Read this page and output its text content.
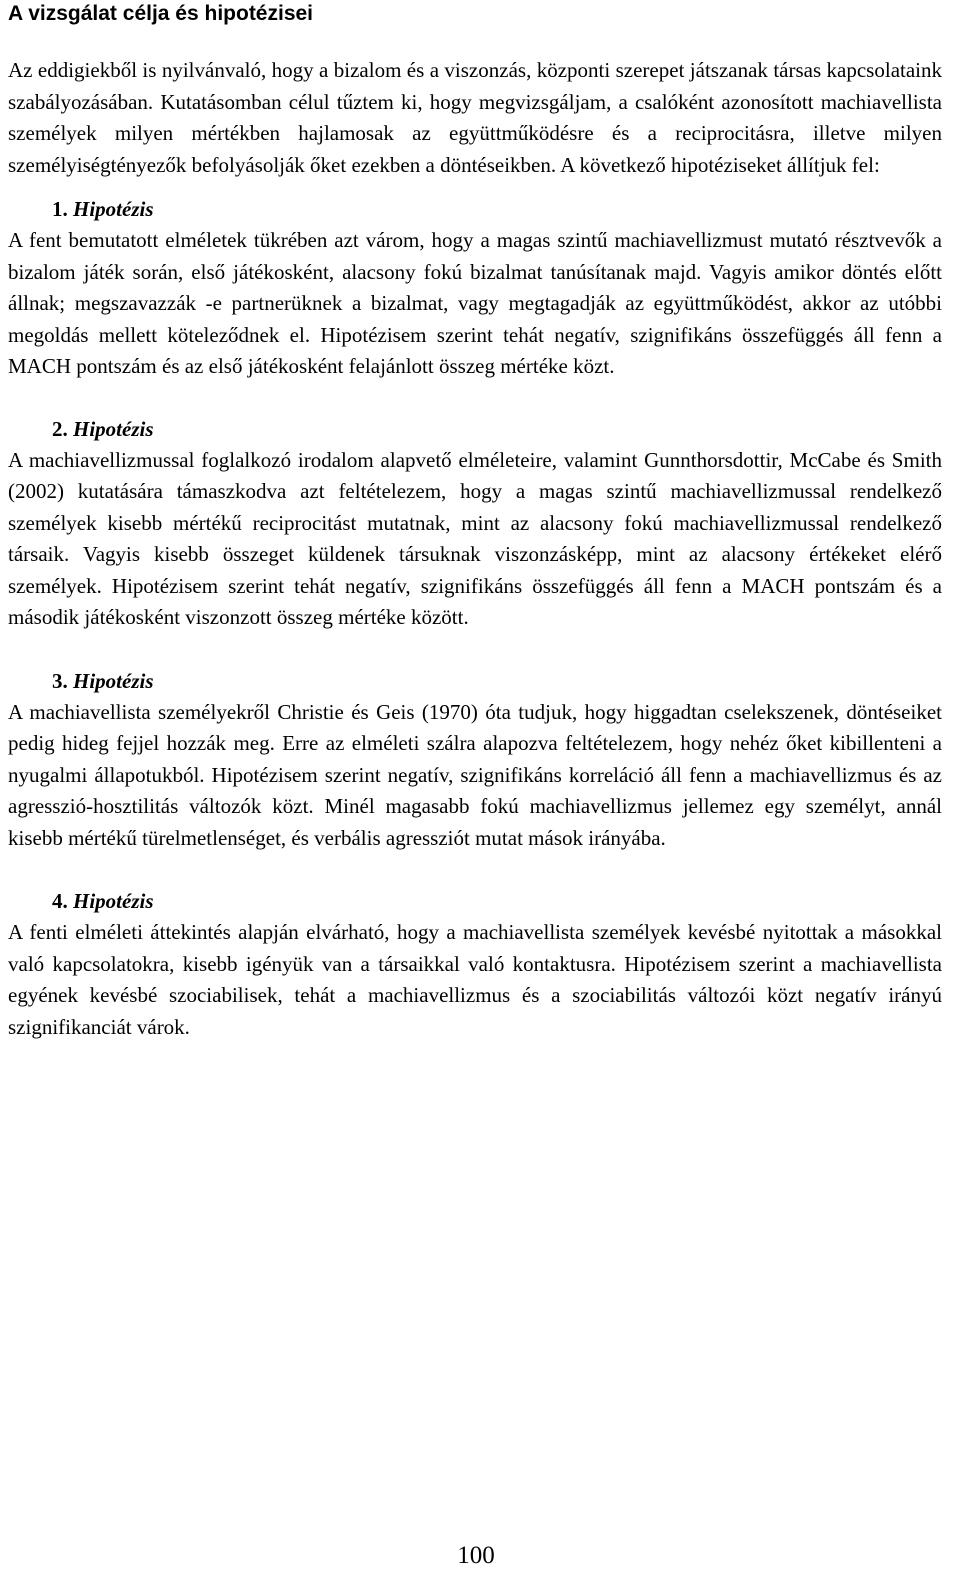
A vizsgálat célja és hipotézisei

Az eddigiekből is nyilvánvaló, hogy a bizalom és a viszonzás, központi szerepet játszanak társas kapcsolataink szabályozásában. Kutatásomban célul tűztem ki, hogy megvizsgáljam, a csalóként azonosított machiavellista személyek milyen mértékben hajlamosak az együttműködésre és a reciprocitásra, illetve milyen személyiségtényezők befolyásolják őket ezekben a döntéseikben. A következő hipotéziseket állítjuk fel:

1. Hipotézis

A fent bemutatott elméletek tükrében azt várom, hogy a magas szintű machiavellizmust mutató résztvevők a bizalom játék során, első játékosként, alacsony fokú bizalmat tanúsítanak majd. Vagyis amikor döntés előtt állnak; megszavazzák -e partnerüknek a bizalmat, vagy megtagadják az együttműködést, akkor az utóbbi megoldás mellett köteleződnek el. Hipotézisem szerint tehát negatív, szignifikáns összefüggés áll fenn a MACH pontszám és az első játékosként felajánlott összeg mértéke közt.

2. Hipotézis

A machiavellizmussal foglalkozó irodalom alapvető elméleteire, valamint Gunnthorsdottir, McCabe és Smith (2002) kutatására támaszkodva azt feltételezem, hogy a magas szintű machiavellizmussal rendelkező személyek kisebb mértékű reciprocitást mutatnak, mint az alacsony fokú machiavellizmussal rendelkező társaik. Vagyis kisebb összeget küldenek társuknak viszonzásképp, mint az alacsony értékeket elérő személyek. Hipotézisem szerint tehát negatív, szignifikáns összefüggés áll fenn a MACH pontszám és a második játékosként viszonzott összeg mértéke között.

3. Hipotézis

A machiavellista személyekről Christie és Geis (1970) óta tudjuk, hogy higgadtan cselekszenek, döntéseiket pedig hideg fejjel hozzák meg. Erre az elméleti szálra alapozva feltételezem, hogy nehéz őket kibillenteni a nyugalmi állapotukból. Hipotézisem szerint negatív, szignifikáns korreláció áll fenn a machiavellizmus és az agresszió-hosztilitás változók közt. Minél magasabb fokú machiavellizmus jellemez egy személyt, annál kisebb mértékű türelmetlenséget, és verbális agressziót mutat mások irányába.

4. Hipotézis

A fenti elméleti áttekintés alapján elvárható, hogy a machiavellista személyek kevésbé nyitottak a másokkal való kapcsolatokra, kisebb igényük van a társaikkal való kontaktusra. Hipotézisem szerint a machiavellista egyének kevésbé szociabilisek, tehát a machiavellizmus és a szociabilitás változói közt negatív irányú szignifikanciát várok.

100
